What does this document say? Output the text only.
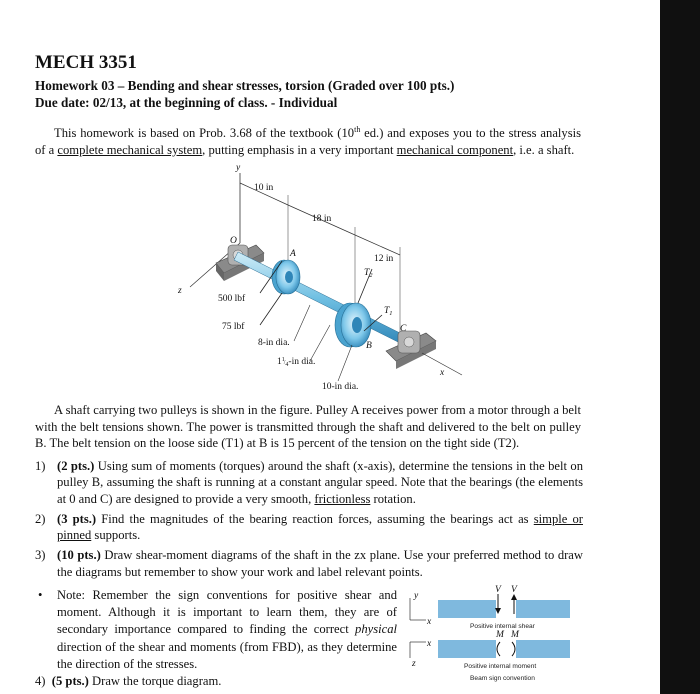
MECH 3351
Homework 03 – Bending and shear stresses, torsion (Graded over 100 pts.)
Due date: 02/13, at the beginning of class. - Individual
This homework is based on Prob. 3.68 of the textbook (10th ed.) and exposes you to the stress analysis of a complete mechanical system, putting emphasis in a very important mechanical component, i.e. a shaft.
y
10 in
18 in
12 in
z
O
A
500 lbf
75 lbf
$T_2$
$T_1$
B
C
x
8-in dia.
$1^1/_4-in$ dia.
10-in dia.
A shaft carrying two pulleys is shown in the figure. Pulley A receives power from a motor through a belt with the belt tensions shown. The power is transmitted through the shaft and delivered to the belt on pulley B. The belt tension on the loose side (T1) at B is 15 percent of the tension on the tight side (T2).
1) (2 pts.) Using sum of moments (torques) around the shaft (x-axis), determine the tensions in the belt on pulley B, assuming the shaft is running at a constant angular speed. Note that the bearings (the elements at 0 and C) are designed to provide a very smooth, frictionless rotation.
2) (3 pts.) Find the magnitudes of the bearing reaction forces, assuming the bearings act as simple or pinned supports.
3) (10 pts.) Draw shear-moment diagrams of the shaft in the zx plane. Use your preferred method to draw the diagrams but remember to show your work and label relevant points.
• Note: Remember the sign conventions for positive shear and moment. Although it is important to learn them, they are of secondary importance compared to finding the correct physical direction of the shear and moments (from FBD), as they determine the direction of the stresses.
y
x
x
z
V V
Positive internal shear
M M
Positive internal moment
Beam sign convention
4) (5 pts.) Draw the torque diagram.
